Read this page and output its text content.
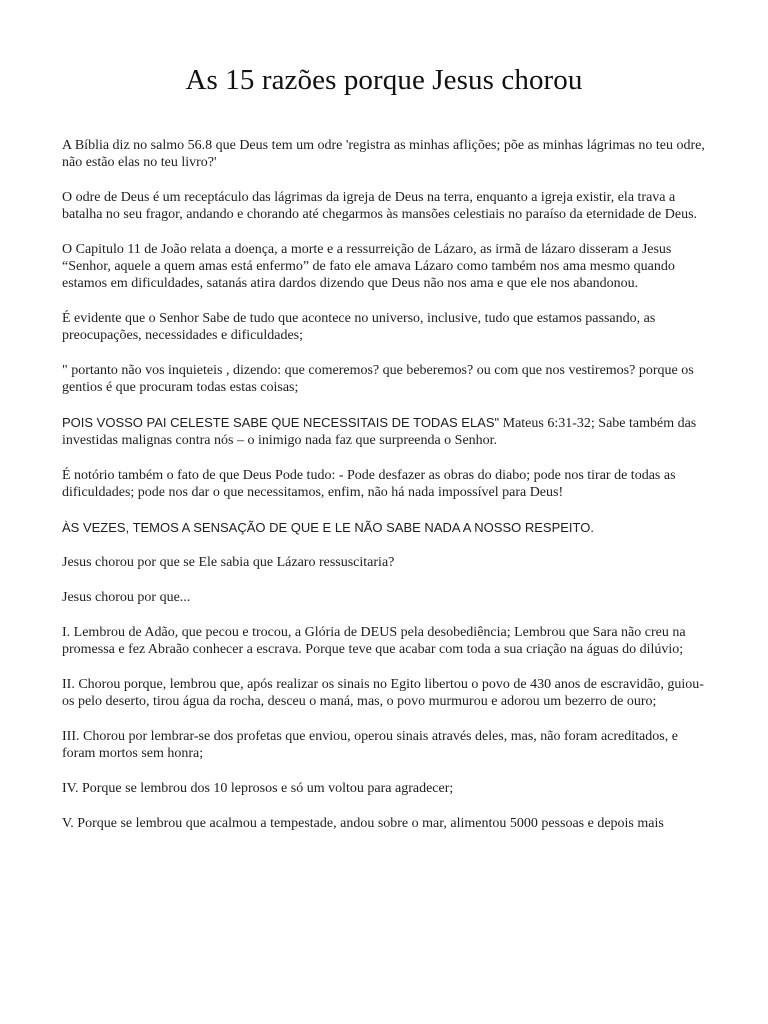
As 15 razões porque Jesus chorou

A Bíblia diz no salmo 56.8 que Deus tem um odre 'registra as minhas aflições; põe as minhas lágrimas no teu odre, não estão elas no teu livro?'

O odre de Deus é um receptáculo das lágrimas da igreja de Deus na terra, enquanto a igreja existir, ela trava a batalha no seu fragor, andando e chorando até chegarmos às mansões celestiais no paraíso da eternidade de Deus.

O Capitulo 11 de João relata a doença, a morte e a ressurreição de Lázaro, as irmã de lázaro disseram a Jesus “Senhor, aquele a quem amas está enfermo” de fato ele amava Lázaro como também nos ama mesmo quando estamos em dificuldades, satanás atira dardos dizendo que Deus não nos ama e que ele nos abandonou.

É evidente que o Senhor Sabe de tudo que acontece no universo, inclusive, tudo que estamos passando, as preocupações, necessidades e dificuldades;

" portanto não vos inquieteis , dizendo: que comeremos? que beberemos? ou com que nos vestiremos? porque os gentios é que procuram todas estas coisas;

POIS VOSSO PAI CELESTE SABE QUE NECESSITAIS DE TODAS ELAS" Mateus 6:31-32; Sabe também das investidas malignas contra nós – o inimigo nada faz que surpreenda o Senhor.

É notório também o fato de que Deus Pode tudo: - Pode desfazer as obras do diabo; pode nos tirar de todas as dificuldades; pode nos dar o que necessitamos, enfim, não há nada impossível para Deus!

ÀS VEZES, TEMOS A SENSAÇÃO DE QUE E LE NÃO SABE NADA A NOSSO RESPEITO.

Jesus chorou por que se Ele sabia que Lázaro ressuscitaria?

Jesus chorou por que...

I. Lembrou de Adão, que pecou e trocou, a Glória de DEUS pela desobediência; Lembrou que Sara não creu na promessa e fez Abraão conhecer a escrava. Porque teve que acabar com toda a sua criação na águas do dilúvio;

II. Chorou porque, lembrou que, após realizar os sinais no Egito libertou o povo de 430 anos de escravidão, guiou-os pelo deserto, tirou água da rocha, desceu o maná, mas, o povo murmurou e adorou um bezerro de ouro;

III. Chorou por lembrar-se dos profetas que enviou, operou sinais através deles, mas, não foram acreditados, e foram mortos sem honra;

IV. Porque se lembrou dos 10 leprosos e só um voltou para agradecer;

V. Porque se lembrou que acalmou a tempestade, andou sobre o mar, alimentou 5000 pessoas e depois mais
